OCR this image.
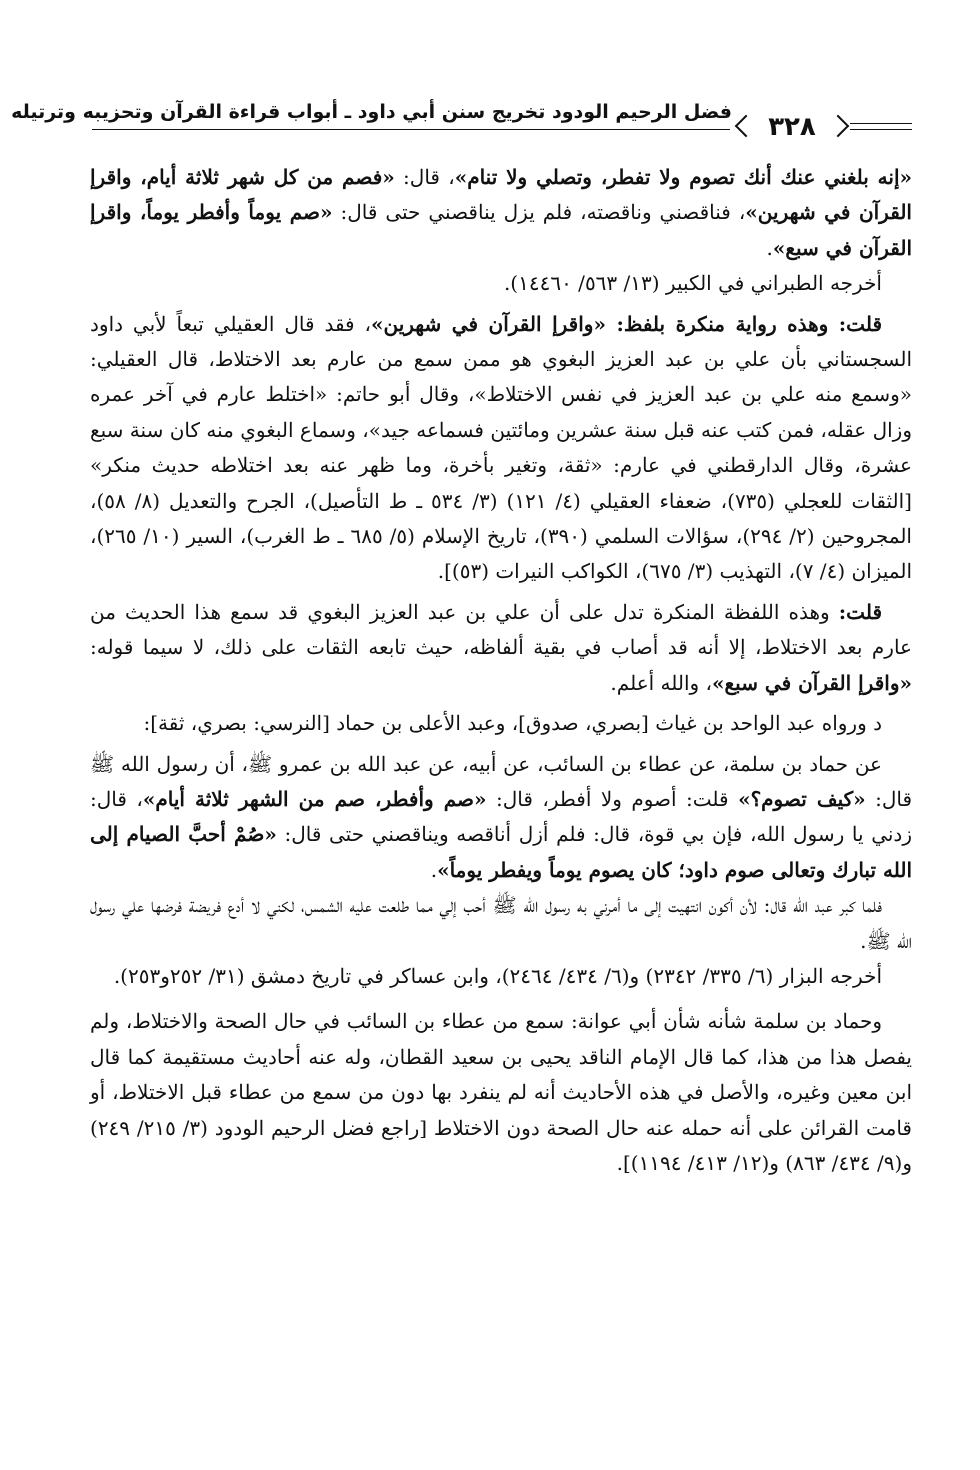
فضل الرحيم الودود تخريج سنن أبي داود ـ أبواب قراءة القرآن وتحزيبه وترتيله	٣٢٨

«إنه بلغني عنك أنك تصوم ولا تفطر، وتصلي ولا تنام»، قال: «فصم من كل شهر ثلاثة أيام، واقرإ القرآن في شهرين»، فناقصني وناقصته، فلم يزل يناقصني حتى قال: «صم يوماً وأفطر يوماً، واقرإ القرآن في سبع».

أخرجه الطبراني في الكبير (١٣/ ٥٦٣/ ١٤٤٦٠).

قلت: وهذه رواية منكرة بلفظ: «واقرإ القرآن في شهرين»، فقد قال العقيلي تبعاً لأبي داود السجستاني بأن علي بن عبد العزيز البغوي هو ممن سمع من عارم بعد الاختلاط، قال العقيلي: «وسمع منه علي بن عبد العزيز في نفس الاختلاط»، وقال أبو حاتم: «اختلط عارم في آخر عمره وزال عقله، فمن كتب عنه قبل سنة عشرين ومائتين فسماعه جيد»، وسماع البغوي منه كان سنة سبع عشرة، وقال الدارقطني في عارم: «ثقة، وتغير بأخرة، وما ظهر عنه بعد اختلاطه حديث منكر» [الثقات للعجلي (٧٣٥)، ضعفاء العقيلي (٤/ ١٢١) (٣/ ٥٣٤ ـ ط التأصيل)، الجرح والتعديل (٨/ ٥٨)، المجروحين (٢/ ٢٩٤)، سؤالات السلمي (٣٩٠)، تاريخ الإسلام (٥/ ٦٨٥ ـ ط الغرب)، السير (١٠/ ٢٦٥)، الميزان (٤/ ٧)، التهذيب (٣/ ٦٧٥)، الكواكب النيرات (٥٣)].

قلت: وهذه اللفظة المنكرة تدل على أن علي بن عبد العزيز البغوي قد سمع هذا الحديث من عارم بعد الاختلاط، إلا أنه قد أصاب في بقية ألفاظه، حيث تابعه الثقات على ذلك، لا سيما قوله: «واقرإ القرآن في سبع»، والله أعلم.

ﺩ ورواه عبد الواحد بن غياث [بصري، صدوق]، وعبد الأعلى بن حماد [النرسي: بصري، ثقة]:

عن حماد بن سلمة، عن عطاء بن السائب، عن أبيه، عن عبد الله بن عمرو ﷺ، أن رسول الله ﷺ قال: «كيف تصوم؟» قلت: أصوم ولا أفطر، قال: «صم وأفطر، صم من الشهر ثلاثة أيام»، قال: زدني يا رسول الله، فإن بي قوة، قال: فلم أزل أناقصه ويناقصني حتى قال: «صُمْ أحبَّ الصيام إلى الله تبارك وتعالى صوم داود؛ كان يصوم يوماً ويفطر يوماً».

فلما كبر عبد الله قال: لأن أكون انتهيت إلى ما أمرني به رسول الله ﷺ أحب إلي مما طلعت عليه الشمس، لكني لا أدع فريضة فرضها علي رسول الله ﷺ.

أخرجه البزار (٦/ ٣٣٥/ ٢٣٤٢) و(٦/ ٤٣٤/ ٢٤٦٤)، وابن عساكر في تاريخ دمشق (٣١/ ٢٥٢و٢٥٣).

وحماد بن سلمة شأنه شأن أبي عوانة: سمع من عطاء بن السائب في حال الصحة والاختلاط، ولم يفصل هذا من هذا، كما قال الإمام الناقد يحيى بن سعيد القطان، وله عنه أحاديث مستقيمة كما قال ابن معين وغيره، والأصل في هذه الأحاديث أنه لم ينفرد بها دون من سمع من عطاء قبل الاختلاط، أو قامت القرائن على أنه حمله عنه حال الصحة دون الاختلاط [راجع فضل الرحيم الودود (٣/ ٢١٥/ ٢٤٩) و(٩/ ٤٣٤/ ٨٦٣) و(١٢/ ٤١٣/ ١١٩٤)].
